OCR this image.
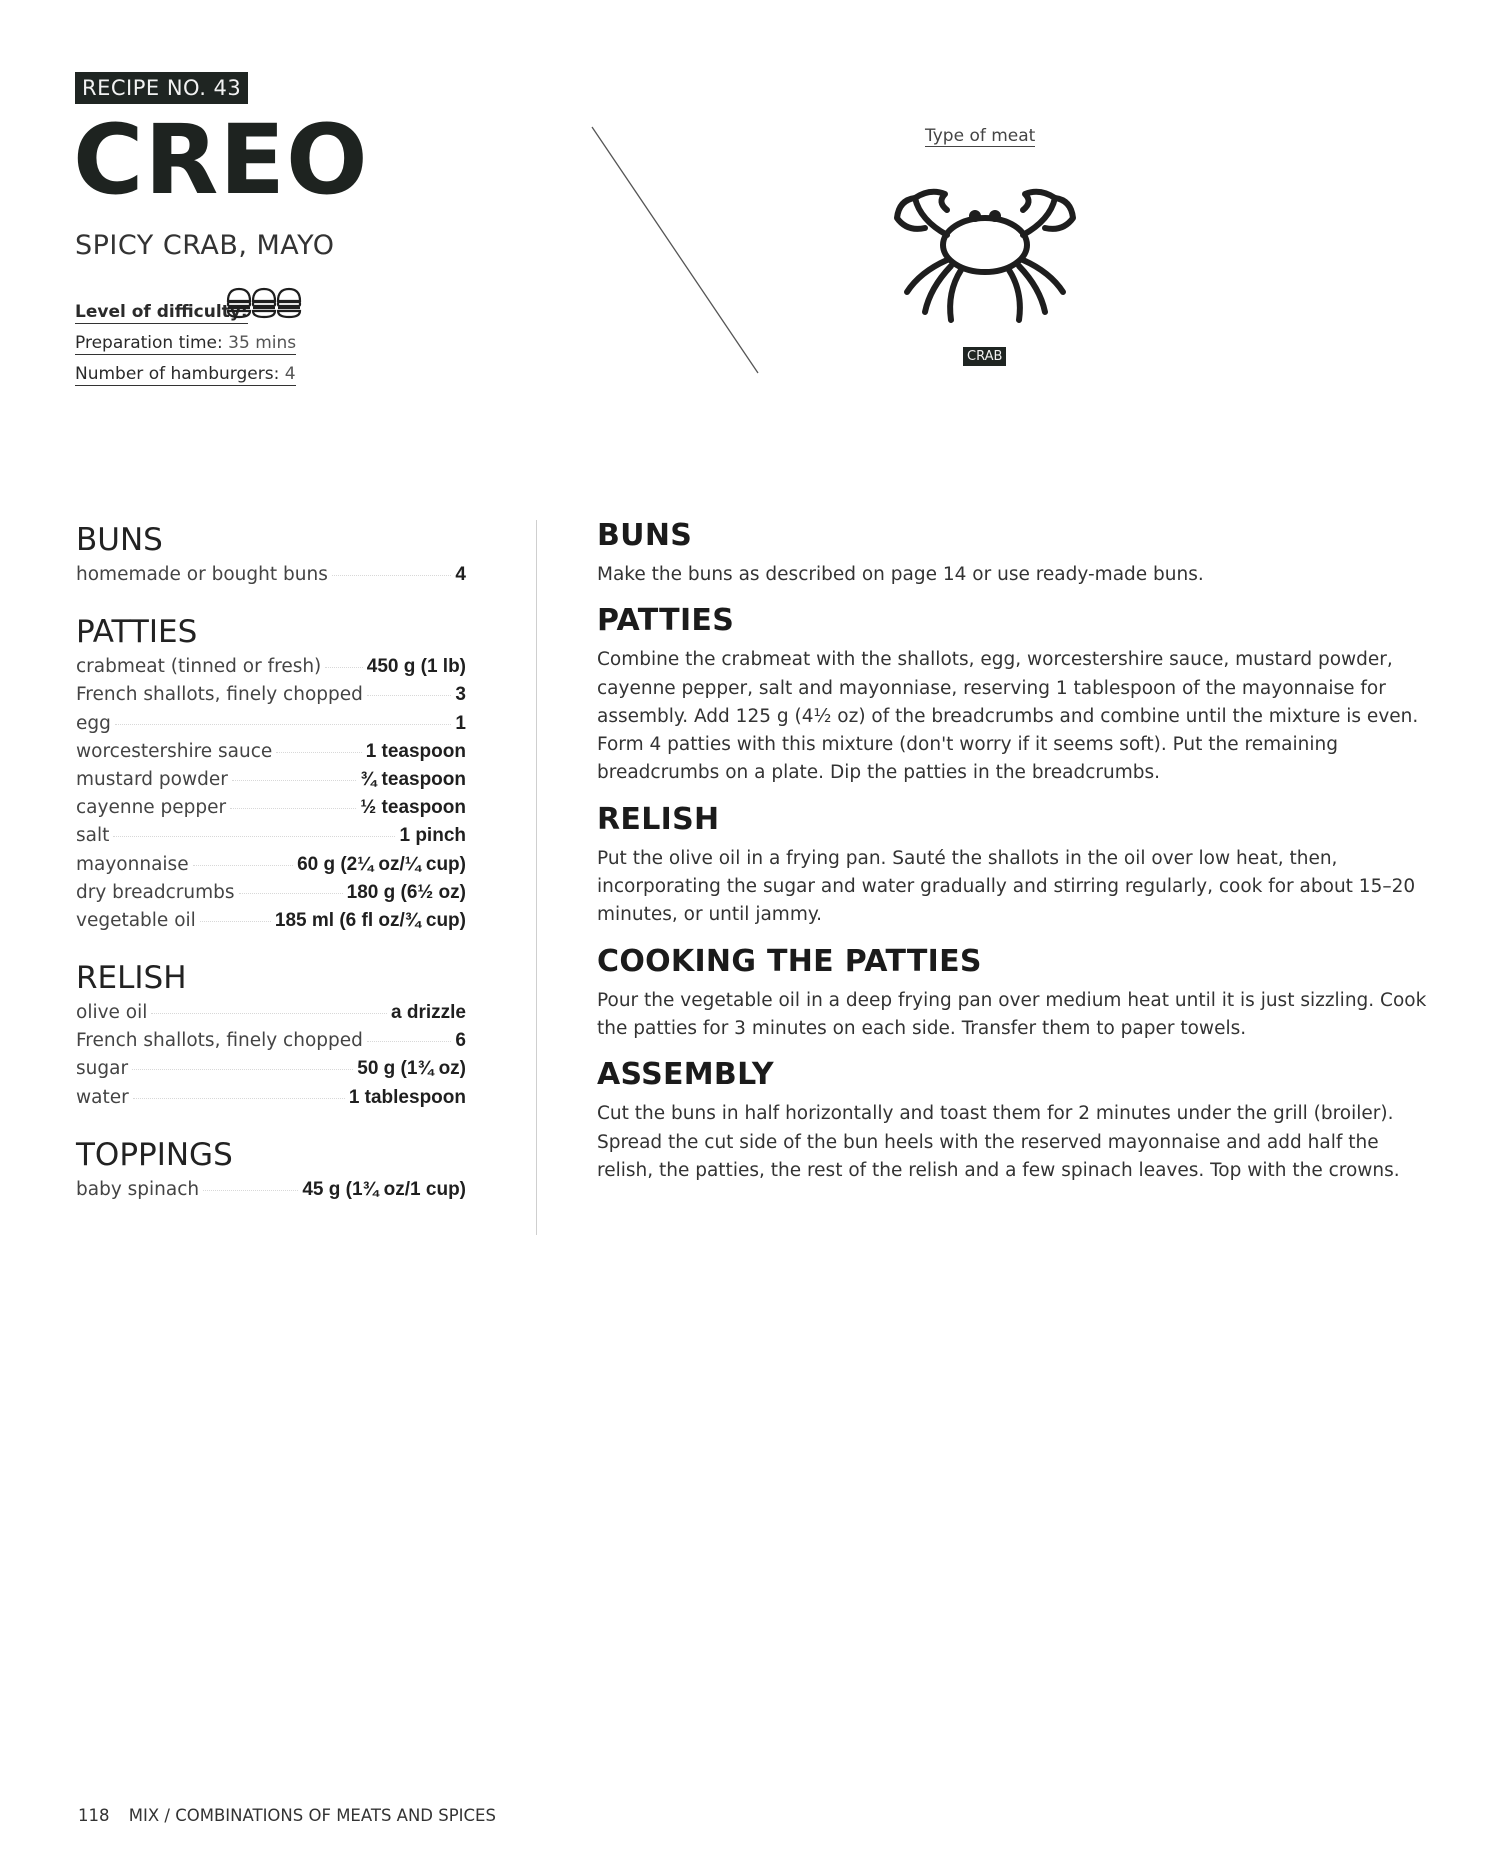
RECIPE NO. 43
CREO
SPICY CRAB, MAYO
Level of difficulty:
Preparation time: 35 mins
Number of hamburgers: 4
Type of meat
CRAB
BUNS
homemade or bought buns	4
PATTIES
crabmeat (tinned or fresh) 450 g (1 lb)
French shallots, finely chopped	3
egg	1
worcestershire sauce	1 teaspoon
mustard powder	¾ teaspoon
cayenne pepper	½ teaspoon
salt	1 pinch
mayonnaise	60 g (2¼ oz/¼ cup)
dry breadcrumbs	180 g (6½ oz)
vegetable oil	185 ml (6 fl oz/¾ cup)
RELISH
olive oil	a drizzle
French shallots, finely chopped	6
sugar	50 g (1¾ oz)
water	1 tablespoon
TOPPINGS
baby spinach	45 g (1¾ oz/1 cup)
BUNS

Make the buns as described on page 14 or use ready-made buns.

PATTIES

Combine the crabmeat with the shallots, egg, worcestershire sauce, mustard powder, cayenne pepper, salt and mayonniase, reserving 1 tablespoon of the mayonnaise for assembly. Add 125 g (4½ oz) of the breadcrumbs and combine until the mixture is even. Form 4 patties with this mixture (don't worry if it seems soft). Put the remaining breadcrumbs on a plate. Dip the patties in the breadcrumbs.

RELISH

Put the olive oil in a frying pan. Sauté the shallots in the oil over low heat, then, incorporating the sugar and water gradually and stirring regularly, cook for about 15–20 minutes, or until jammy.

COOKING THE PATTIES

Pour the vegetable oil in a deep frying pan over medium heat until it is just sizzling. Cook the patties for 3 minutes on each side. Transfer them to paper towels.

ASSEMBLY

Cut the buns in half horizontally and toast them for 2 minutes under the grill (broiler). Spread the cut side of the bun heels with the reserved mayonnaise and add half the relish, the patties, the rest of the relish and a few spinach leaves. Top with the crowns.

118 MIX / COMBINATIONS OF MEATS AND SPICES
